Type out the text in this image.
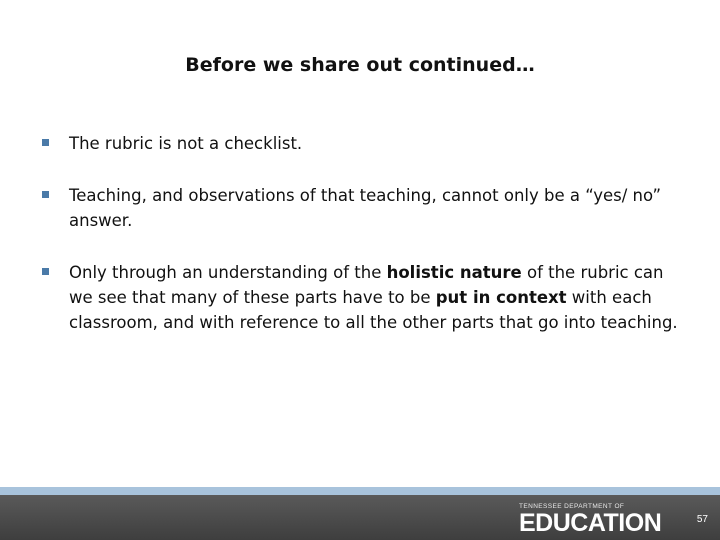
Before we share out continued…
The rubric is not a checklist.
Teaching, and observations of that teaching, cannot only be a “yes/ no” answer.
Only through an understanding of the holistic nature of the rubric can we see that many of these parts have to be put in context with each classroom, and with reference to all the other parts that go into teaching.
TENNESSEE DEPARTMENT OF
EDUCATION	57
